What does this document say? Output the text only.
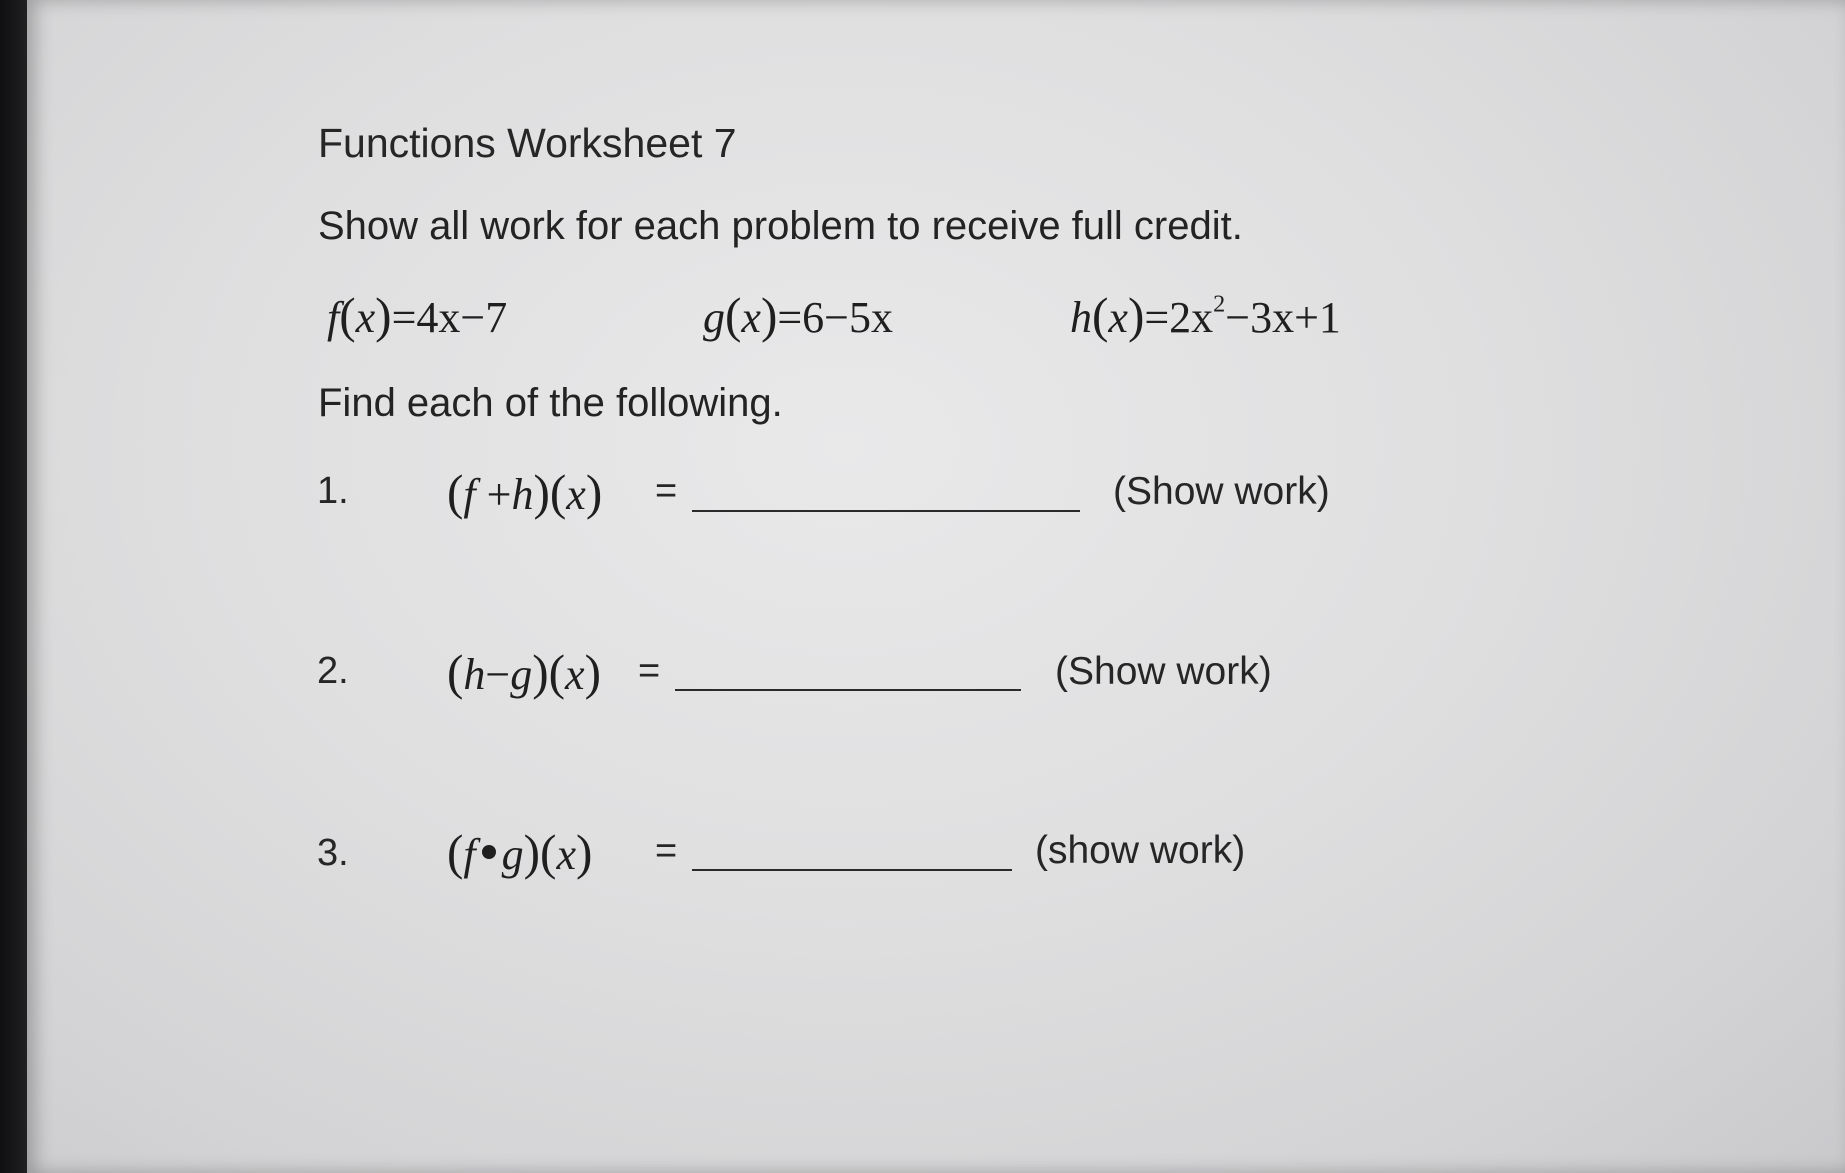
Functions Worksheet 7
Show all work for each problem to receive full credit.
f(x)=4x−7	g(x)=6−5x	$h(x)=2x^2-3x+1$
Find each of the following.
1. (f +h)(x) =	(Show work)
2. (h−g)(x) =	(Show work)
3. (f g)(x) =	(show work)
